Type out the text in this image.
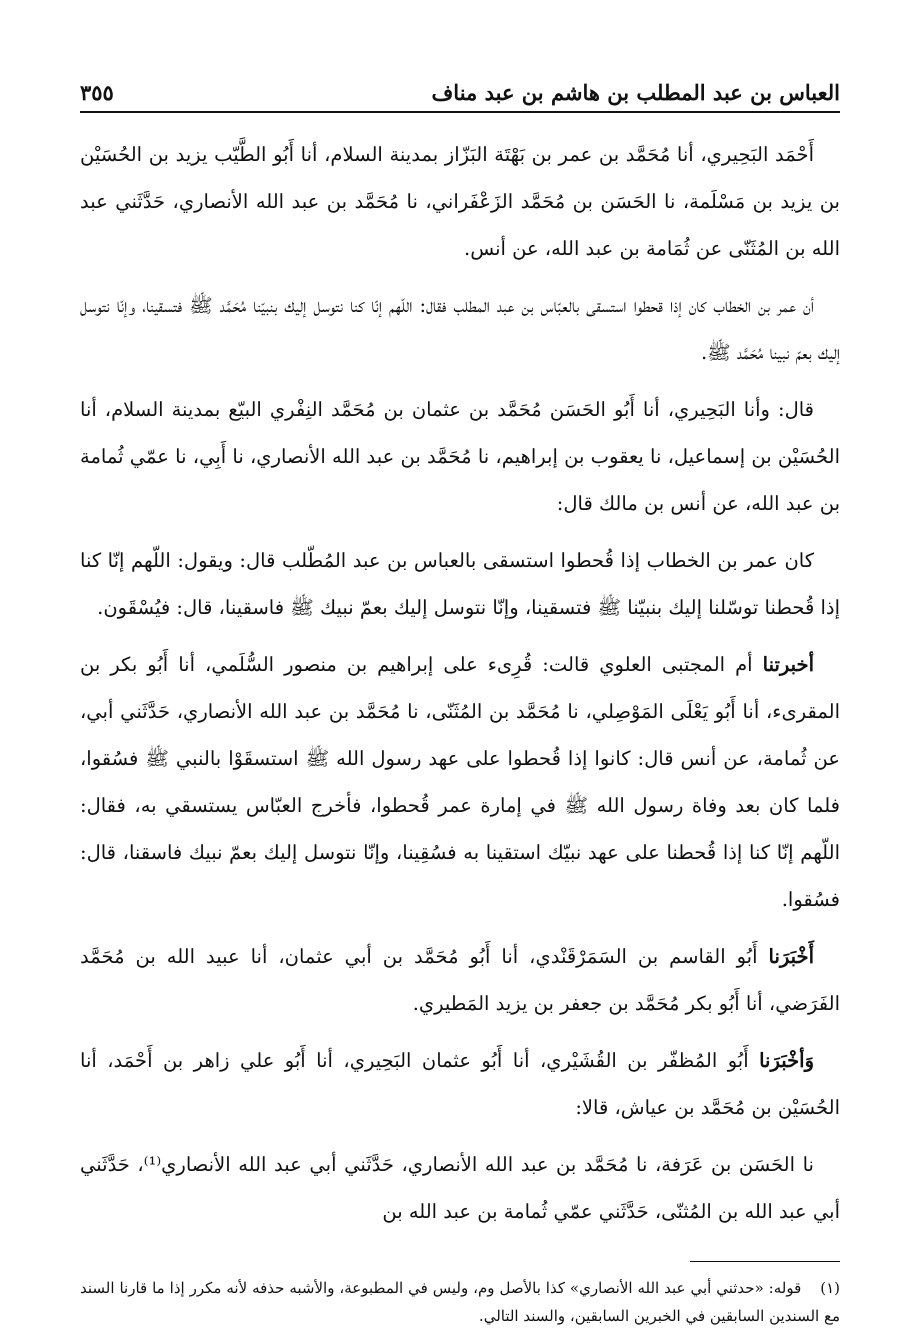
العباس بن عبد المطلب بن هاشم بن عبد مناف
٣٥٥

أَحْمَد البَحِيري، أنا مُحَمَّد بن عمر بن بَهْتَة البَزّاز بمدينة السلام، أنا أَبُو الطَّيّب يزيد بن الحُسَيْن بن يزيد بن مَسْلَمة، نا الحَسَن بن مُحَمَّد الزَعْفَراني، نا مُحَمَّد بن عبد الله الأنصاري، حَدَّثَني عبد الله بن المُثَنّى عن ثُمَامة بن عبد الله، عن أنس.

أن عمر بن الخطاب كان إذا قحطوا استسقى بالعبّاس بن عبد المطلب فقال: اللّهم إنّا كنا نتوسل إليك بنبيّنا مُحَمَّد ﷺ فتسقينا، وإنّا نتوسل إليك بعمّ نبينا مُحَمَّد ﷺ.

قال: وأنا البَحِيري، أنا أَبُو الحَسَن مُحَمَّد بن عثمان بن مُحَمَّد النِفْري البيّع بمدينة السلام، أنا الحُسَيْن بن إسماعيل، نا يعقوب بن إبراهيم، نا مُحَمَّد بن عبد الله الأنصاري، نا أَبِي، نا عمّي ثُمامة بن عبد الله، عن أنس بن مالك قال:

كان عمر بن الخطاب إذا قُحطوا استسقى بالعباس بن عبد المُطّلب قال: ويقول: اللّهم إنّا كنا إذا قُحطنا توسّلنا إليك بنبيّنا ﷺ فتسقينا، وإنّا نتوسل إليك بعمّ نبيك ﷺ فاسقينا، قال: فيُسْقَون.

أخبرتنا أم المجتبى العلوي قالت: قُرِىء على إبراهيم بن منصور السُّلَمي، أنا أَبُو بكر بن المقرىء، أنا أَبُو يَعْلَى المَوْصِلي، نا مُحَمَّد بن المُثَنّى، نا مُحَمَّد بن عبد الله الأنصاري، حَدَّثَني أبي، عن ثُمامة، عن أنس قال: كانوا إذا قُحطوا على عهد رسول الله ﷺ استسقَوْا بالنبي ﷺ فسُقوا، فلما كان بعد وفاة رسول الله ﷺ في إمارة عمر قُحطوا، فأخرج العبّاس يستسقي به، فقال: اللّهم إنّا كنا إذا قُحطنا على عهد نبيّك استقينا به فسُقِينا، وإنّا نتوسل إليك بعمّ نبيك فاسقنا، قال: فسُقوا.

أَخْبَرَنا أَبُو القاسم بن السَمَرْقَنْدي، أنا أَبُو مُحَمَّد بن أبي عثمان، أنا عبيد الله بن مُحَمَّد الفَرَضي، أنا أَبُو بكر مُحَمَّد بن جعفر بن يزيد المَطيري.

وَأخْبَرَنا أَبُو المُظفّر بن القُشَيْري، أنا أَبُو عثمان البَحِيري، أنا أَبُو علي زاهر بن أَحْمَد، أنا الحُسَيْن بن مُحَمَّد بن عياش، قالا:

نا الحَسَن بن عَرَفة، نا مُحَمَّد بن عبد الله الأنصاري، حَدَّثَني أبي عبد الله الأنصاري⁽¹⁾، حَدَّثَني أبي عبد الله بن المُثنّى، حَدَّثَني عمّي ثُمامة بن عبد الله بن

(١) قوله: «حدثني أبي عبد الله الأنصاري» كذا بالأصل وم، وليس في المطبوعة، والأشبه حذفه لأنه مكرر إذا ما قارنا السند مع السندين السابقين في الخبرين السابقين، والسند التالي.
